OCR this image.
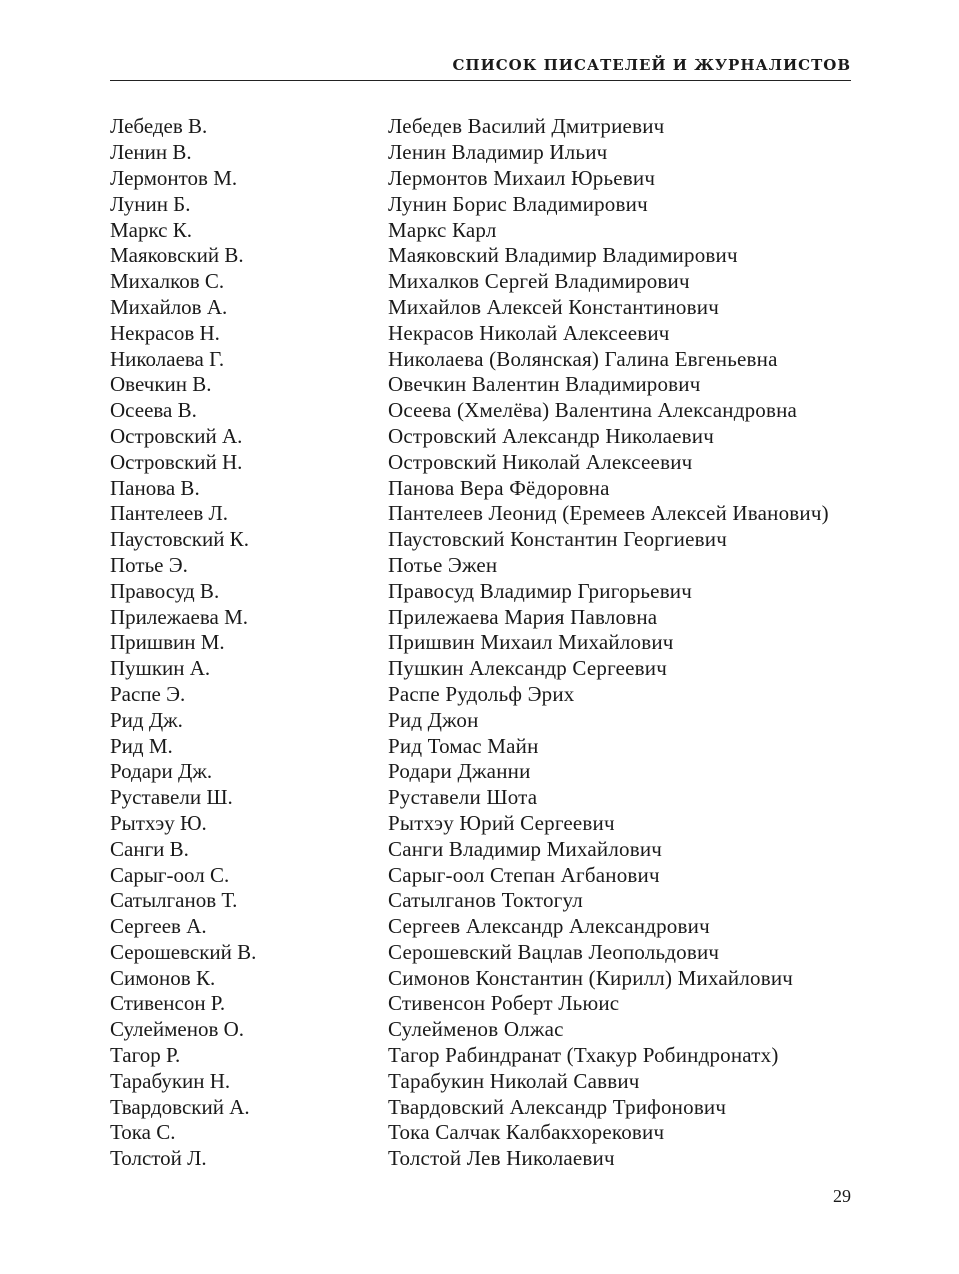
СПИСОК ПИСАТЕЛЕЙ И ЖУРНАЛИСТОВ
Лебедев В.	Лебедев Василий Дмитриевич
Ленин В.	Ленин Владимир Ильич
Лермонтов М.	Лермонтов Михаил Юрьевич
Лунин Б.	Лунин Борис Владимирович
Маркс К.	Маркс Карл
Маяковский В.	Маяковский Владимир Владимирович
Михалков С.	Михалков Сергей Владимирович
Михайлов А.	Михайлов Алексей Константинович
Некрасов Н.	Некрасов Николай Алексеевич
Николаева Г.	Николаева (Волянская) Галина Евгеньевна
Овечкин В.	Овечкин Валентин Владимирович
Осеева В.	Осеева (Хмелёва) Валентина Александровна
Островский А.	Островский Александр Николаевич
Островский Н.	Островский Николай Алексеевич
Панова В.	Панова Вера Фёдоровна
Пантелеев Л.	Пантелеев Леонид (Еремеев Алексей Иванович)
Паустовский К.	Паустовский Константин Георгиевич
Потье Э.	Потье Эжен
Правосуд В.	Правосуд Владимир Григорьевич
Прилежаева М.	Прилежаева Мария Павловна
Пришвин М.	Пришвин Михаил Михайлович
Пушкин А.	Пушкин Александр Сергеевич
Распе Э.	Распе Рудольф Эрих
Рид Дж.	Рид Джон
Рид М.	Рид Томас Майн
Родари Дж.	Родари Джанни
Руставели Ш.	Руставели Шота
Рытхэу Ю.	Рытхэу Юрий Сергеевич
Санги В.	Санги Владимир Михайлович
Сарыг-оол С.	Сарыг-оол Степан Агбанович
Сатылганов Т.	Сатылганов Токтогул
Сергеев А.	Сергеев Александр Александрович
Серошевский В.	Серошевский Вацлав Леопольдович
Симонов К.	Симонов Константин (Кирилл) Михайлович
Стивенсон Р.	Стивенсон Роберт Льюис
Сулейменов О.	Сулейменов Олжас
Тагор Р.	Тагор Рабиндранат (Тхакур Робиндронатх)
Тарабукин Н.	Тарабукин Николай Саввич
Твардовский А.	Твардовский Александр Трифонович
Тока С.	Тока Салчак Калбакхорекович
Толстой Л.	Толстой Лев Николаевич
29
